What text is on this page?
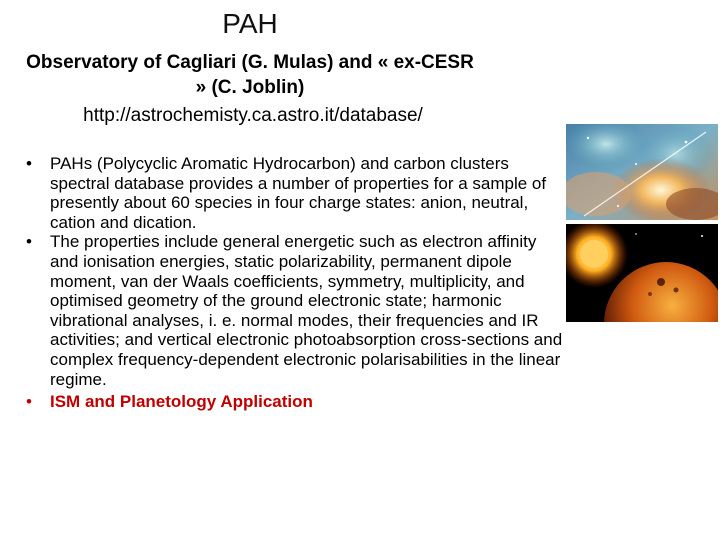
PAH
Observatory of Cagliari (G. Mulas) and « ex-CESR » (C. Joblin)
http://astrochemisty.ca.astro.it/database/
• PAHs (Polycyclic Aromatic Hydrocarbon) and carbon clusters spectral database provides a number of properties for a sample of presently about 60 species in four charge states: anion, neutral, cation and dication.
• The properties include general energetic such as electron affinity and ionisation energies, static polarizability, permanent dipole moment, van der Waals coefficients, symmetry, multiplicity, and optimised geometry of the ground electronic state; harmonic vibrational analyses, i. e. normal modes, their frequencies and IR activities; and vertical electronic photoabsorption cross-sections and complex frequency-dependent electronic polarisabilities in the linear regime.
• ISM and Planetology Application
